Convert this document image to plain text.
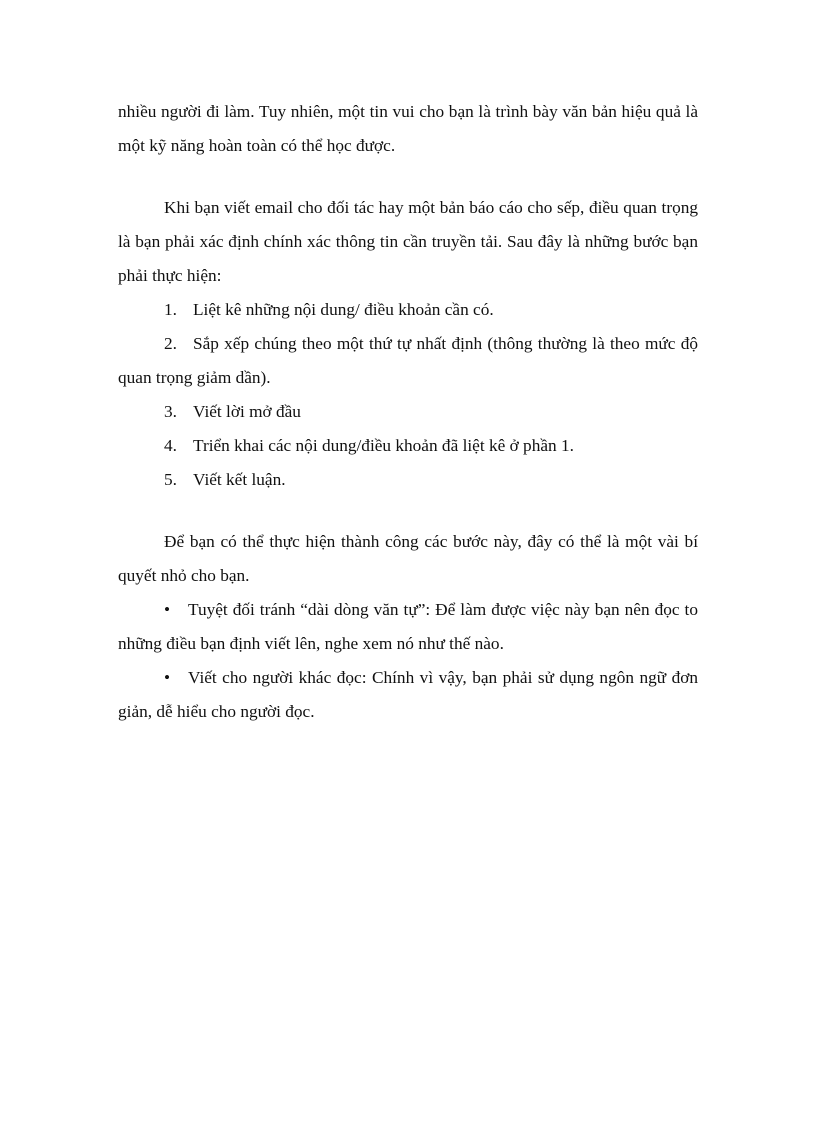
nhiều người đi làm. Tuy nhiên, một tin vui cho bạn là trình bày văn bản hiệu quả là một kỹ năng hoàn toàn có thể học được.

Khi bạn viết email cho đối tác hay một bản báo cáo cho sếp, điều quan trọng là bạn phải xác định chính xác thông tin cần truyền tải. Sau đây là những bước bạn phải thực hiện:

1. Liệt kê những nội dung/ điều khoản cần có.

2. Sắp xếp chúng theo một thứ tự nhất định (thông thường là theo mức độ quan trọng giảm dần).

3. Viết lời mở đầu

4. Triển khai các nội dung/điều khoản đã liệt kê ở phần 1.

5. Viết kết luận.

Để bạn có thể thực hiện thành công các bước này, đây có thể là một vài bí quyết nhỏ cho bạn.

• Tuyệt đối tránh “dài dòng văn tự”: Để làm được việc này bạn nên đọc to những điều bạn định viết lên, nghe xem nó như thế nào.

• Viết cho người khác đọc: Chính vì vậy, bạn phải sử dụng ngôn ngữ đơn giản, dễ hiểu cho người đọc.
